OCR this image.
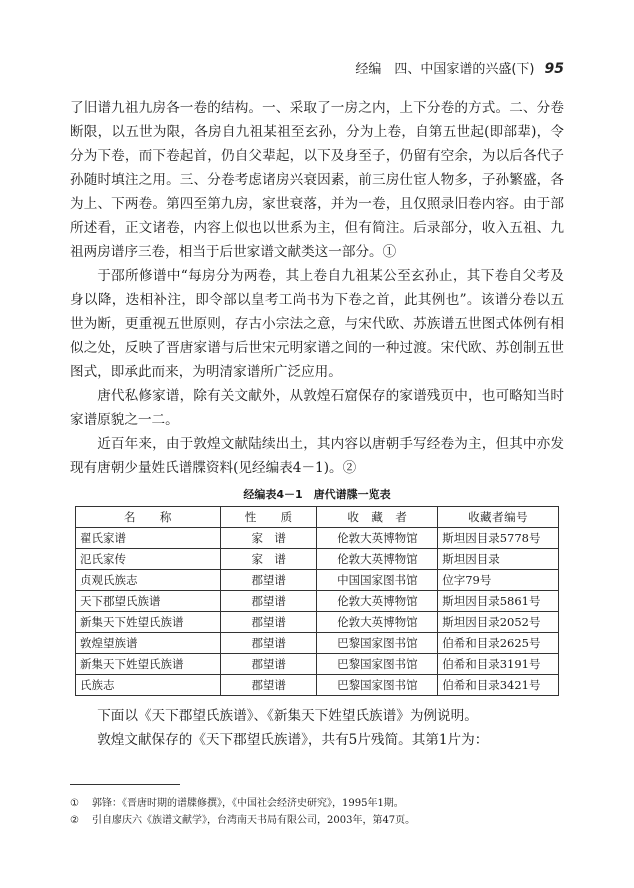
经编　四、中国家谱的兴盛(下) 95

了旧谱九祖九房各一卷的结构。一、采取了一房之内，上下分卷的方式。二、分卷断限，以五世为限，各房自九祖某祖至玄孙，分为上卷，自第五世起(即部辈)，令分为下卷，而下卷起首，仍自父辈起，以下及身至子，仍留有空余，为以后各代子孙随时填注之用。三、分卷考虑诸房兴衰因素，前三房仕宦人物多，子孙繁盛，各为上、下两卷。第四至第九房，家世衰落，并为一卷，且仅照录旧卷内容。由于部所述看，正文诸卷，内容上似也以世系为主，但有简注。后录部分，收入五祖、九祖两房谱序三卷，相当于后世家谱文献类这一部分。①

于邵所修谱中“每房分为两卷，其上卷自九祖某公至玄孙止，其下卷自父考及身以降，迭相补注，即令部以皇考工尚书为下卷之首，此其例也”。该谱分卷以五世为断，更重视五世原则，存古小宗法之意，与宋代欧、苏族谱五世图式体例有相似之处，反映了晋唐家谱与后世宋元明家谱之间的一种过渡。宋代欧、苏创制五世图式，即承此而来，为明清家谱所广泛应用。

唐代私修家谱，除有关文献外，从敦煌石窟保存的家谱残页中，也可略知当时家谱原貌之一二。

近百年来，由于敦煌文献陆续出土，其内容以唐朝手写经卷为主，但其中亦发现有唐朝少量姓氏谱牒资料(见经编表4－1)。②

经编表4－1　唐代谱牒一览表
名　　称	性　　质	收　藏　者	收藏者编号
翟氏家谱	家　谱	伦敦大英博物馆	斯坦因目录5778号
氾氏家传	家　谱	伦敦大英博物馆	斯坦因目录
贞观氏族志	郡望谱	中国国家图书馆	位字79号
天下郡望氏族谱	郡望谱	伦敦大英博物馆	斯坦因目录5861号
新集天下姓望氏族谱	郡望谱	伦敦大英博物馆	斯坦因目录2052号
敦煌望族谱	郡望谱	巴黎国家图书馆	伯希和目录2625号
新集天下姓望氏族谱	郡望谱	巴黎国家图书馆	伯希和目录3191号
氏族志	郡望谱	巴黎国家图书馆	伯希和目录3421号

下面以《天下郡望氏族谱》、《新集天下姓望氏族谱》为例说明。

敦煌文献保存的《天下郡望氏族谱》，共有5片残简。其第1片为：

① 郭锋：《晋唐时期的谱牒修撰》，《中国社会经济史研究》，1995年1期。
② 引自廖庆六《族谱文献学》，台湾南天书局有限公司，2003年，第47页。
